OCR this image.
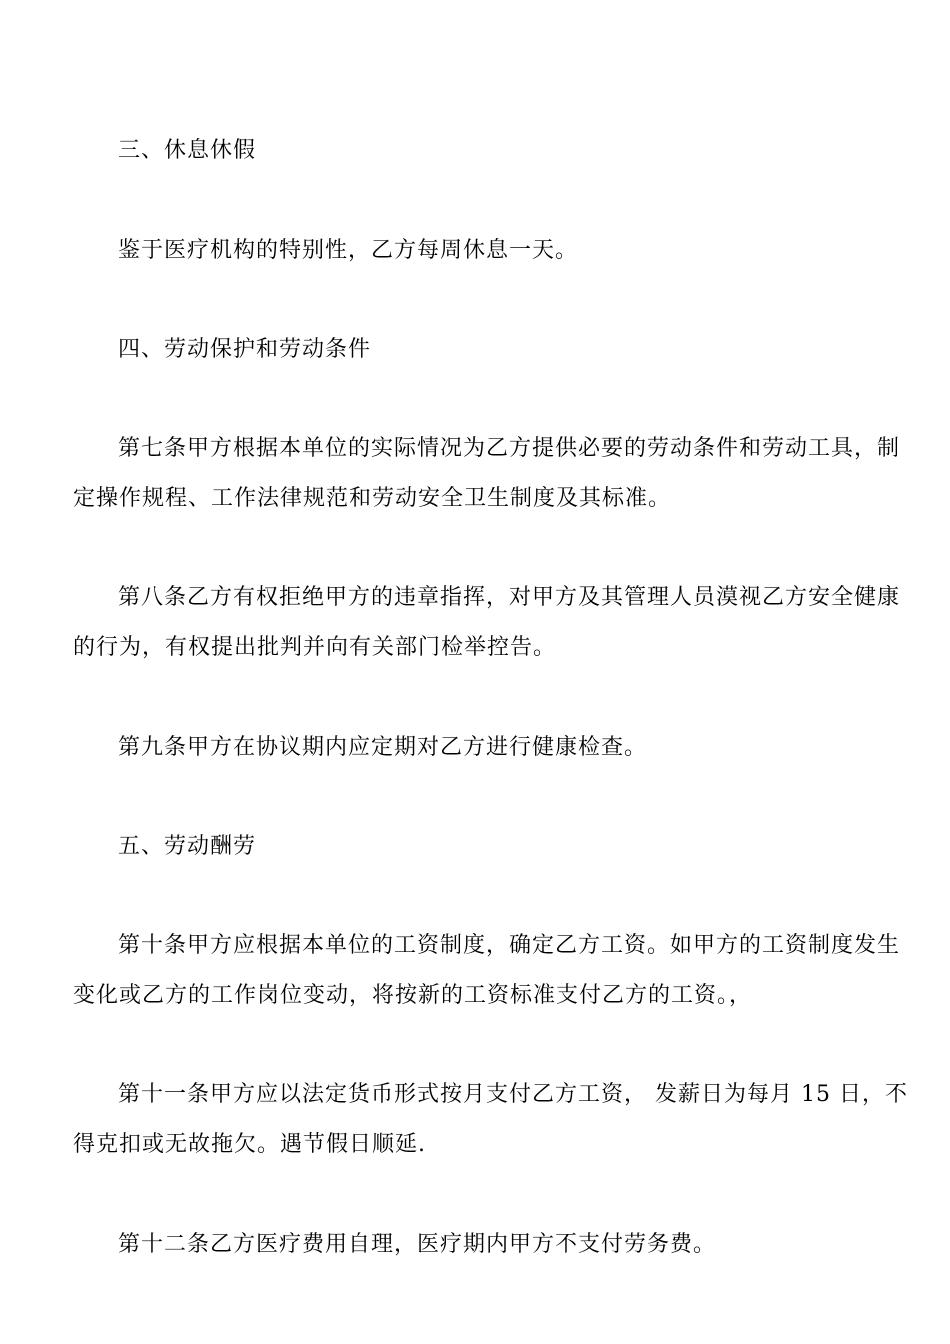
三、休息休假
鉴于医疗机构的特别性，乙方每周休息一天。
四、劳动保护和劳动条件
第七条甲方根据本单位的实际情况为乙方提供必要的劳动条件和劳动工具，制
定操作规程、工作法律规范和劳动安全卫生制度及其标准。
第八条乙方有权拒绝甲方的违章指挥，对甲方及其管理人员漠视乙方安全健康
的行为，有权提出批判并向有关部门检举控告。
第九条甲方在协议期内应定期对乙方进行健康检查。
五、劳动酬劳
第十条甲方应根据本单位的工资制度，确定乙方工资。如甲方的工资制度发生
变化或乙方的工作岗位变动，将按新的工资标准支付乙方的工资。，
第十一条甲方应以法定货币形式按月支付乙方工资， 发薪日为每月 15 日，不
得克扣或无故拖欠。遇节假日顺延.
第十二条乙方医疗费用自理，医疗期内甲方不支付劳务费。
